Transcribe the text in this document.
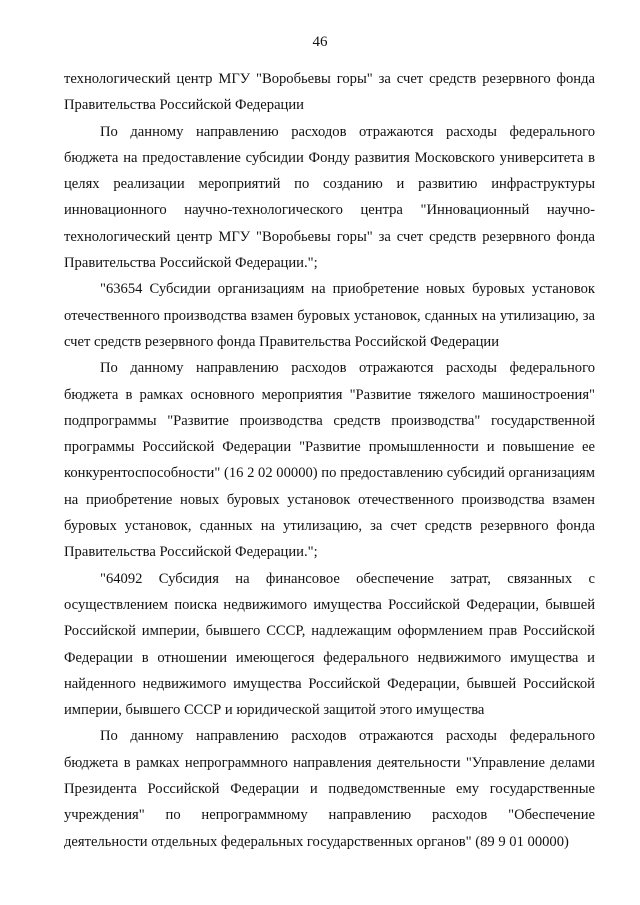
46

технологический центр МГУ "Воробьевы горы" за счет средств резервного фонда Правительства Российской Федерации

По данному направлению расходов отражаются расходы федерального бюджета на предоставление субсидии Фонду развития Московского университета в целях реализации мероприятий по созданию и развитию инфраструктуры инновационного научно-технологического центра "Инновационный научно-технологический центр МГУ "Воробьевы горы" за счет средств резервного фонда Правительства Российской Федерации.";

"63654 Субсидии организациям на приобретение новых буровых установок отечественного производства взамен буровых установок, сданных на утилизацию, за счет средств резервного фонда Правительства Российской Федерации

По данному направлению расходов отражаются расходы федерального бюджета в рамках основного мероприятия "Развитие тяжелого машиностроения" подпрограммы "Развитие производства средств производства" государственной программы Российской Федерации "Развитие промышленности и повышение ее конкурентоспособности" (16 2 02 00000) по предоставлению субсидий организациям на приобретение новых буровых установок отечественного производства взамен буровых установок, сданных на утилизацию, за счет средств резервного фонда Правительства Российской Федерации.";

"64092 Субсидия на финансовое обеспечение затрат, связанных с осуществлением поиска недвижимого имущества Российской Федерации, бывшей Российской империи, бывшего СССР, надлежащим оформлением прав Российской Федерации в отношении имеющегося федерального недвижимого имущества и найденного недвижимого имущества Российской Федерации, бывшей Российской империи, бывшего СССР и юридической защитой этого имущества

По данному направлению расходов отражаются расходы федерального бюджета в рамках непрограммного направления деятельности "Управление делами Президента Российской Федерации и подведомственные ему государственные учреждения" по непрограммному направлению расходов "Обеспечение деятельности отдельных федеральных государственных органов" (89 9 01 00000)
